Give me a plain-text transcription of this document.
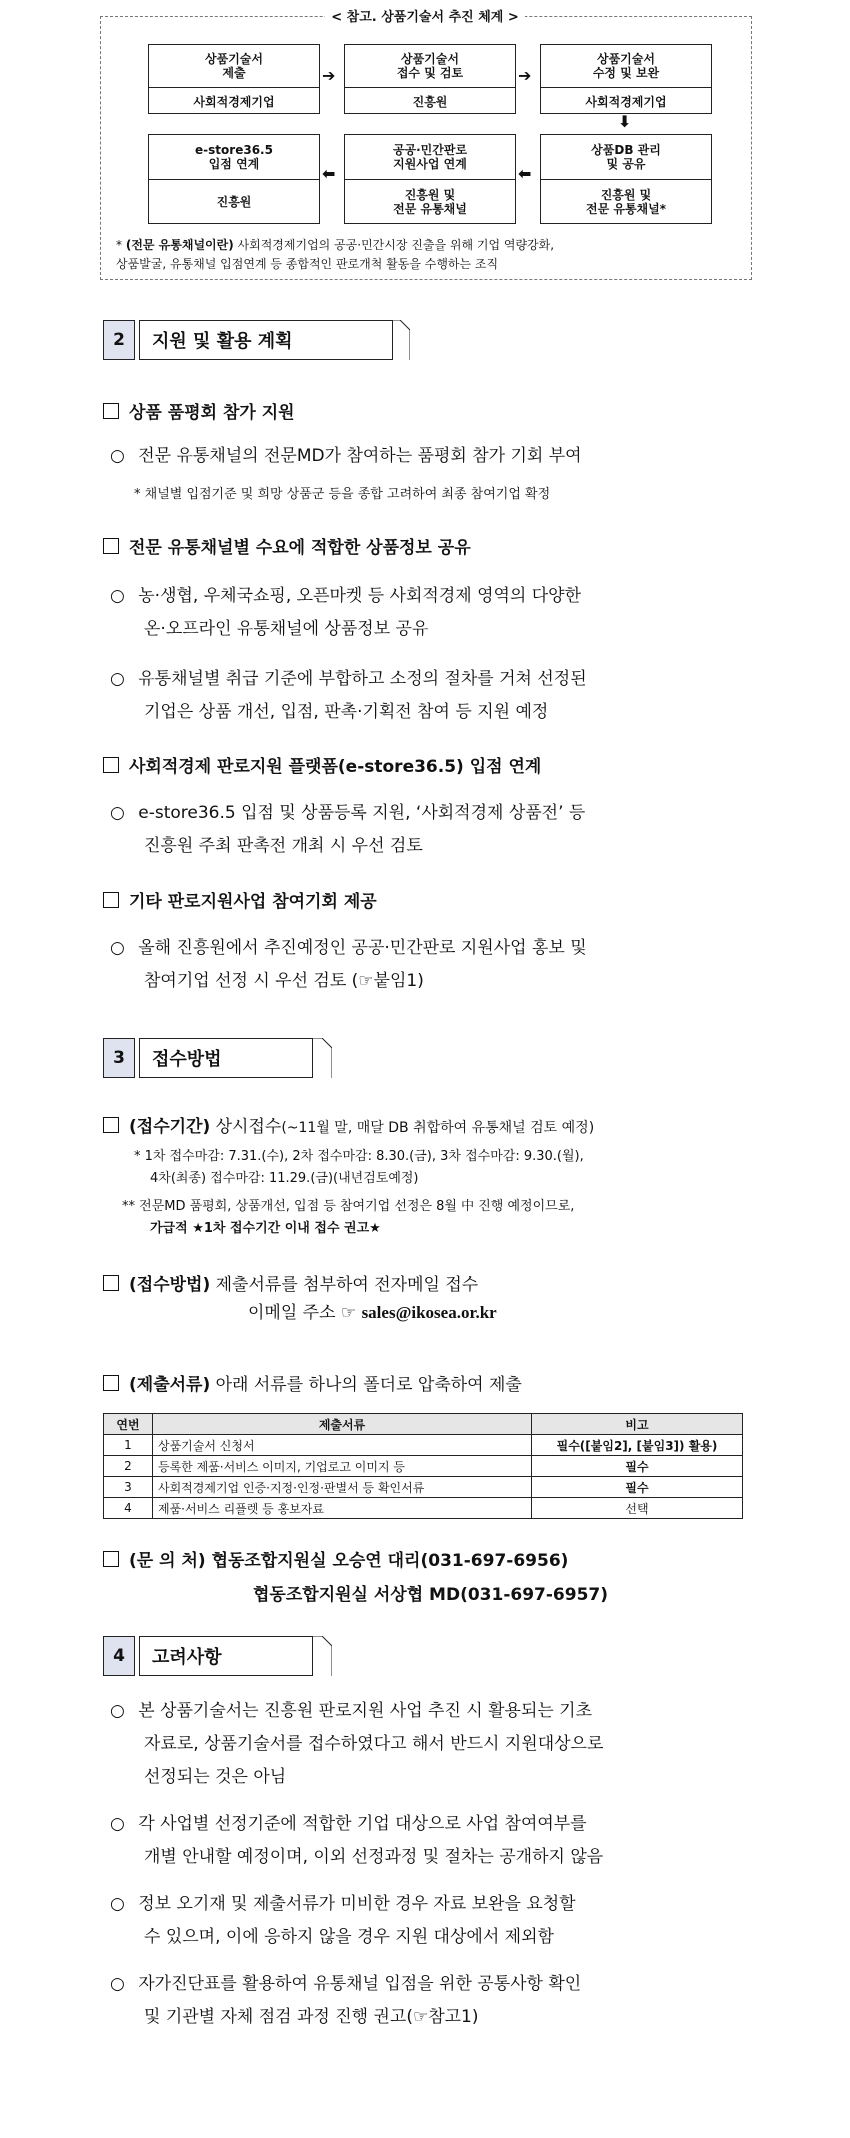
< 참고. 상품기술서 추진 체계 >
상품기술서
제출
사회적경제기업
➔
상품기술서
접수 및 검토
진흥원
➔
상품기술서
수정 및 보완
사회적경제기업
⬇
상품DB 관리
및 공유
진흥원 및
전문 유통채널*
⬅
공공·민간판로
지원사업 연계
진흥원 및
전문 유통채널
⬅
e-store36.5
입점 연계
진흥원
* (전문 유통채널이란) 사회적경제기업의 공공·민간시장 진출을 위해 기업 역량강화,
상품발굴, 유통채널 입점연계 등 종합적인 판로개척 활동을 수행하는 조직
2	지원 및 활용 계획
상품 품평회 참가 지원
○ 전문 유통채널의 전문MD가 참여하는 품평회 참가 기회 부여
* 채널별 입점기준 및 희망 상품군 등을 종합 고려하여 최종 참여기업 확정
전문 유통채널별 수요에 적합한 상품정보 공유
○ 농·생협, 우체국쇼핑, 오픈마켓 등 사회적경제 영역의 다양한
온·오프라인 유통채널에 상품정보 공유
○ 유통채널별 취급 기준에 부합하고 소정의 절차를 거쳐 선정된
기업은 상품 개선, 입점, 판촉·기획전 참여 등 지원 예정
사회적경제 판로지원 플랫폼(e-store36.5) 입점 연계
○ e-store36.5 입점 및 상품등록 지원, ‘사회적경제 상품전’ 등
진흥원 주최 판촉전 개최 시 우선 검토
기타 판로지원사업 참여기회 제공
○ 올해 진흥원에서 추진예정인 공공·민간판로 지원사업 홍보 및
참여기업 선정 시 우선 검토 (☞붙임1)
3	접수방법
(접수기간) 상시접수(~11월 말, 매달 DB 취합하여 유통채널 검토 예정)
* 1차 접수마감: 7.31.(수), 2차 접수마감: 8.30.(금), 3차 접수마감: 9.30.(월),
4차(최종) 접수마감: 11.29.(금)(내년검토예정)
** 전문MD 품평회, 상품개선, 입점 등 참여기업 선정은 8월 中 진행 예정이므로,
가급적 ★1차 접수기간 이내 접수 권고★
(접수방법) 제출서류를 첨부하여 전자메일 접수
이메일 주소 ☞ sales@ikosea.or.kr
(제출서류) 아래 서류를 하나의 폴더로 압축하여 제출
연번	제출서류	비고
1	상품기술서 신청서	필수([붙임2], [붙임3]) 활용)
2	등록한 제품·서비스 이미지, 기업로고 이미지 등	필수
3	사회적경제기업 인증·지정·인정·판별서 등 확인서류	필수
4	제품·서비스 리플렛 등 홍보자료	선택
(문 의 처) 협동조합지원실 오승연 대리(031-697-6956)
협동조합지원실 서상협 MD(031-697-6957)
4	고려사항
○ 본 상품기술서는 진흥원 판로지원 사업 추진 시 활용되는 기초
자료로, 상품기술서를 접수하였다고 해서 반드시 지원대상으로
선정되는 것은 아님
○ 각 사업별 선정기준에 적합한 기업 대상으로 사업 참여여부를
개별 안내할 예정이며, 이외 선정과정 및 절차는 공개하지 않음
○ 정보 오기재 및 제출서류가 미비한 경우 자료 보완을 요청할
수 있으며, 이에 응하지 않을 경우 지원 대상에서 제외함
○ 자가진단표를 활용하여 유통채널 입점을 위한 공통사항 확인
및 기관별 자체 점검 과정 진행 권고(☞참고1)
